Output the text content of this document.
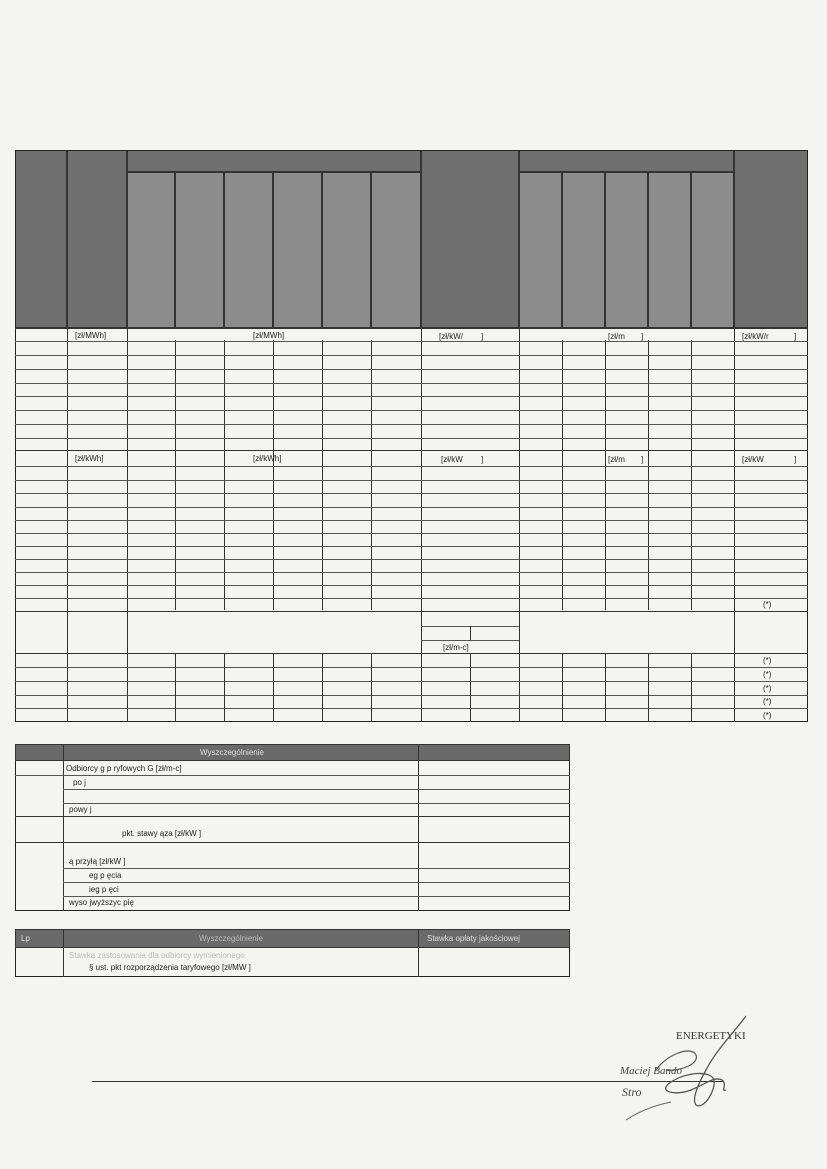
[zł/MWh]	[zł/MWh]	[zł/kW/ ]	[zł/m ]	[zł/kW/r	]
[zł/kWh]	[zł/kWh]	[zł/kW ]	[zł/m ]	[zł/kW	]
(*)
[zł/m-c]
(*)
(*)
(*)
(*)
(*)
Wyszczególnienie
Odbiorcy g p ryfowych G [zł/m-c]
po j
powy j
pkt. stawy ąza [zł/kW ]
ą przyłą [zł/kW ]
eg p ęcia
ieg p ęci
wyso jwyższyc pię
Lp	Wyszczególnienie	Stawka opłaty jakościowej
Stawka zastosowania dla odbiorcy wymienionego
§ ust. pkt rozporządzenia taryfowego [zł/MW ]
ENERGETYKI
Maciej Bando
Stro
